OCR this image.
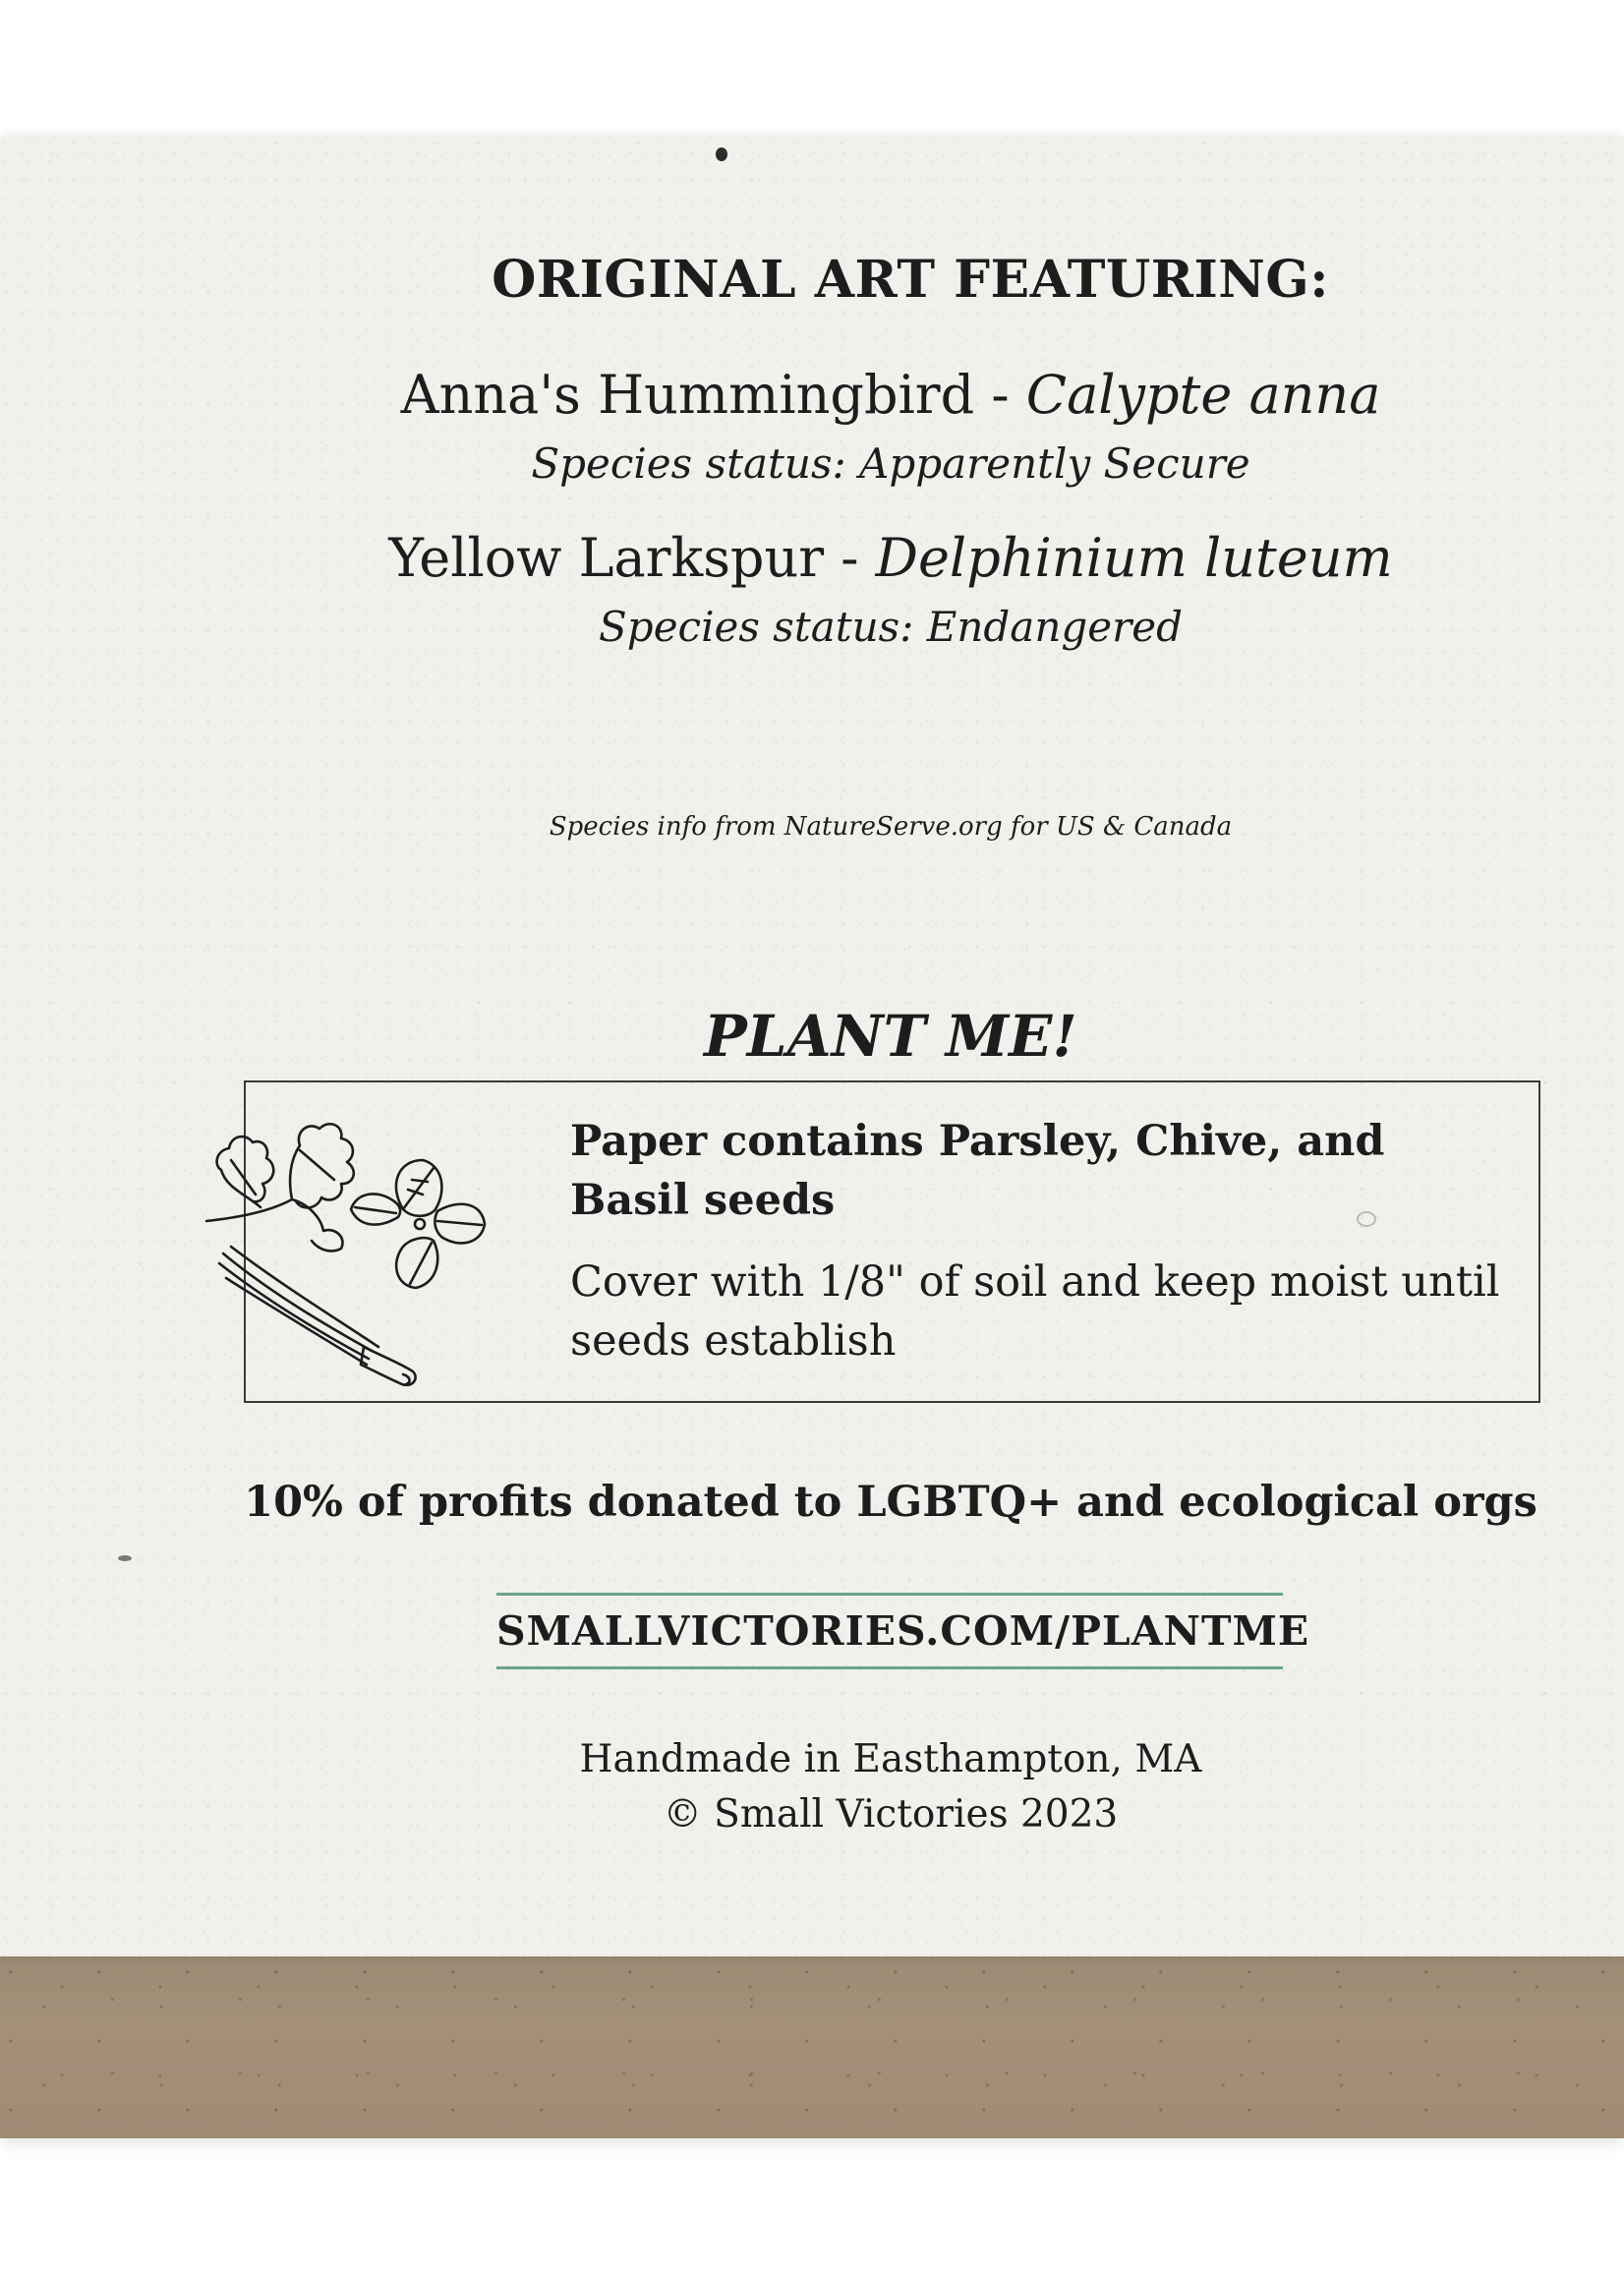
ORIGINAL ART FEATURING:
Anna's Hummingbird - Calypte anna
Species status: Apparently Secure
Yellow Larkspur - Delphinium luteum
Species status: Endangered
Species info from NatureServe.org for US & Canada
PLANT ME!
Paper contains Parsley, Chive, and Basil seeds
Cover with 1/8" of soil and keep moist until seeds establish
10% of profits donated to LGBTQ+ and ecological orgs
SMALLVICTORIES.COM/PLANTME
Handmade in Easthampton, MA
© Small Victories 2023
